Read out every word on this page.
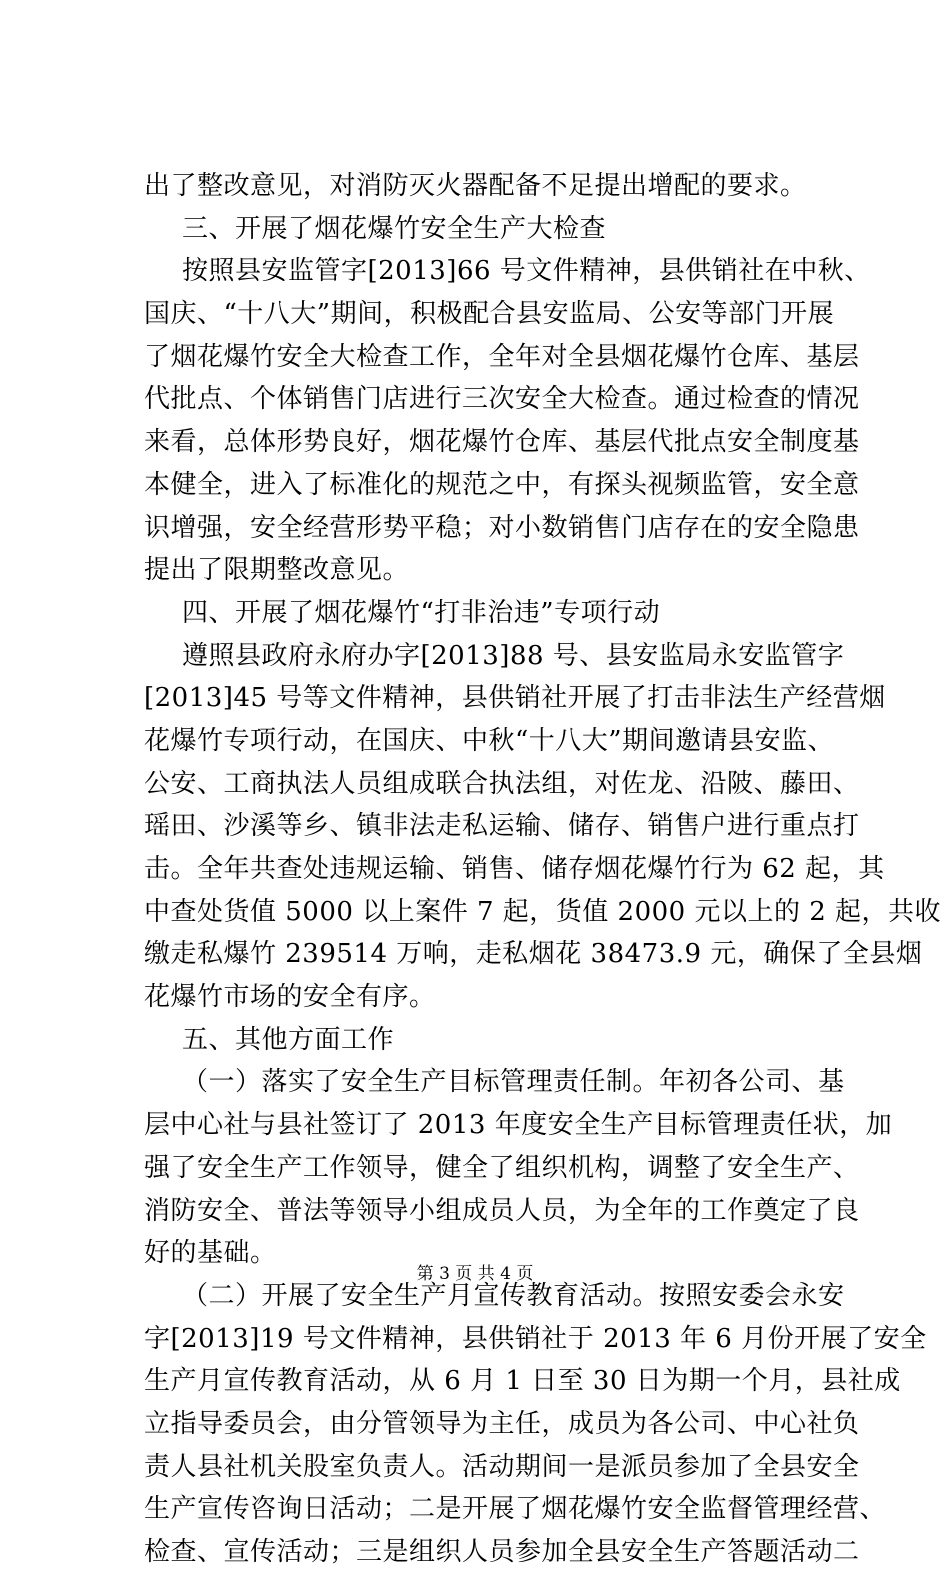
出了整改意见，对消防灭火器配备不足提出增配的要求。
三、开展了烟花爆竹安全生产大检查
按照县安监管字[2013]66 号文件精神，县供销社在中秋、
国庆、“十八大”期间，积极配合县安监局、公安等部门开展
了烟花爆竹安全大检查工作，全年对全县烟花爆竹仓库、基层
代批点、个体销售门店进行三次安全大检查。通过检查的情况
来看，总体形势良好，烟花爆竹仓库、基层代批点安全制度基
本健全，进入了标准化的规范之中，有探头视频监管，安全意
识增强，安全经营形势平稳；对小数销售门店存在的安全隐患
提出了限期整改意见。
四、开展了烟花爆竹“打非治违”专项行动
遵照县政府永府办字[2013]88 号、县安监局永安监管字
[2013]45 号等文件精神，县供销社开展了打击非法生产经营烟
花爆竹专项行动，在国庆、中秋“十八大”期间邀请县安监、
公安、工商执法人员组成联合执法组，对佐龙、沿陂、藤田、
瑶田、沙溪等乡、镇非法走私运输、储存、销售户进行重点打
击。全年共查处违规运输、销售、储存烟花爆竹行为 62 起，其
中查处货值 5000 以上案件 7 起，货值 2000 元以上的 2 起，共收
缴走私爆竹 239514 万响，走私烟花 38473.9 元，确保了全县烟
花爆竹市场的安全有序。
五、其他方面工作
（一）落实了安全生产目标管理责任制。年初各公司、基
层中心社与县社签订了 2013 年度安全生产目标管理责任状，加
强了安全生产工作领导，健全了组织机构，调整了安全生产、
消防安全、普法等领导小组成员人员，为全年的工作奠定了良
好的基础。
（二）开展了安全生产月宣传教育活动。按照安委会永安
字[2013]19 号文件精神，县供销社于 2013 年 6 月份开展了安全
生产月宣传教育活动，从 6 月 1 日至 30 日为期一个月，县社成
立指导委员会，由分管领导为主任，成员为各公司、中心社负
责人县社机关股室负责人。活动期间一是派员参加了全县安全
生产宣传咨询日活动；二是开展了烟花爆竹安全监督管理经营、
检查、宣传活动；三是组织人员参加全县安全生产答题活动二
第 3 页 共 4 页
